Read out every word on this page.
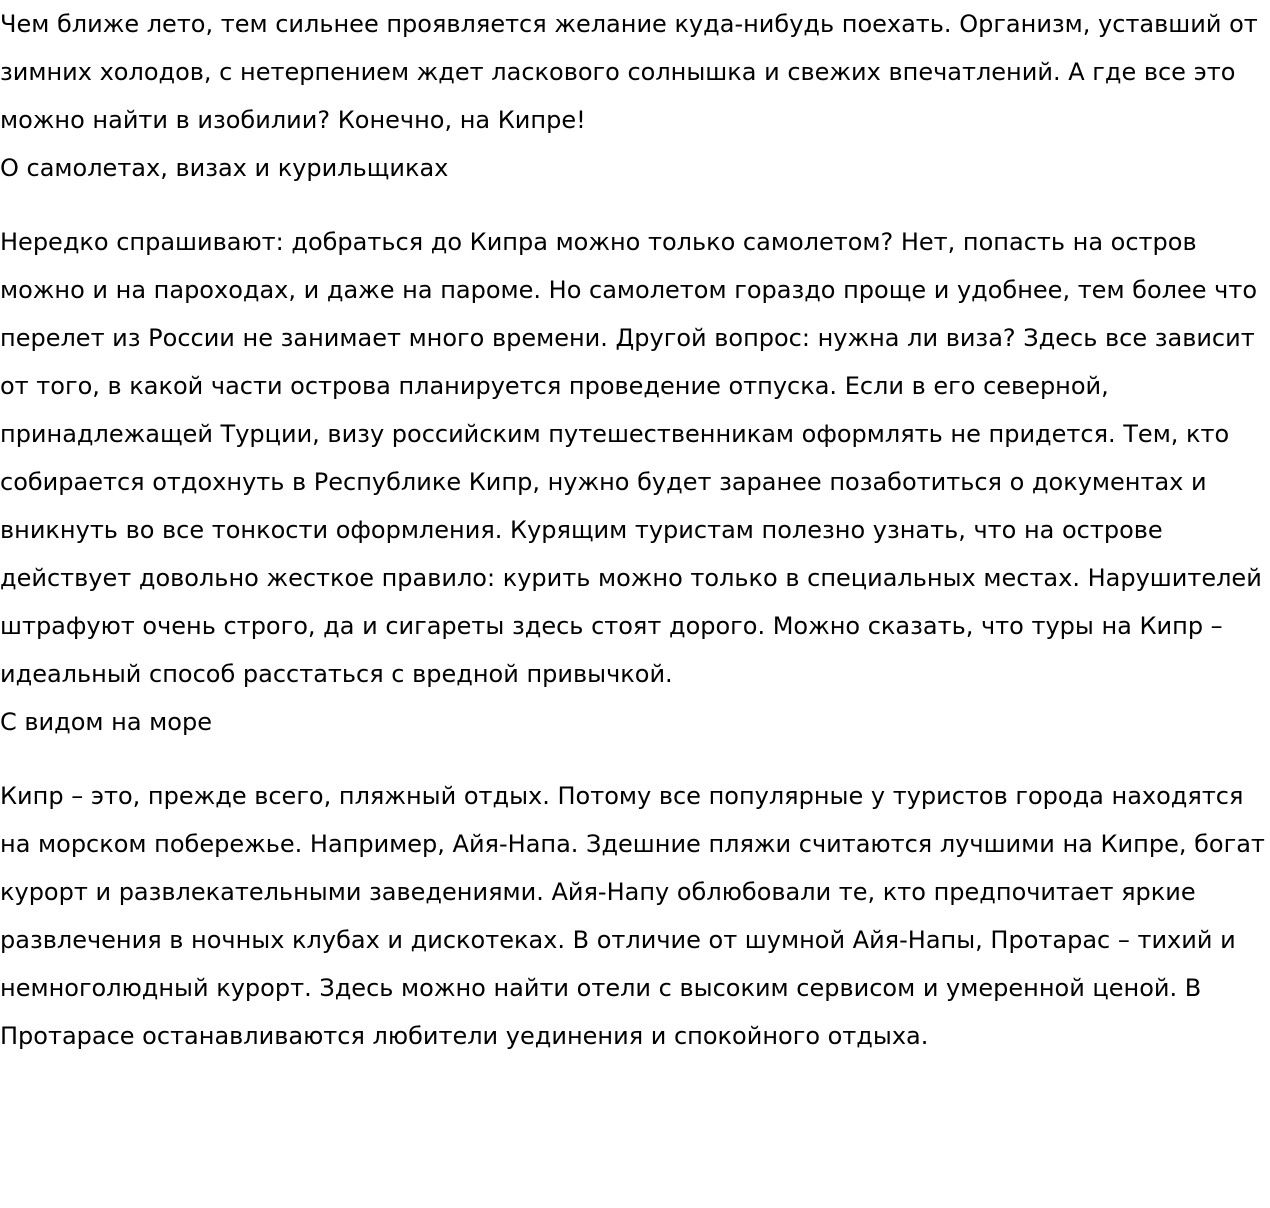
Чем ближе лето, тем сильнее проявляется желание куда-нибудь поехать. Организм, уставший от зимних холодов, с нетерпением ждет ласкового солнышка и свежих впечатлений. А где все это можно найти в изобилии? Конечно, на Кипре!

О самолетах, визах и курильщиках

Нередко спрашивают: добраться до Кипра можно только самолетом? Нет, попасть на остров можно и на пароходах, и даже на пароме. Но самолетом гораздо проще и удобнее, тем более что перелет из России не занимает много времени. Другой вопрос: нужна ли виза? Здесь все зависит от того, в какой части острова планируется проведение отпуска. Если в его северной, принадлежащей Турции, визу российским путешественникам оформлять не придется. Тем, кто собирается отдохнуть в Республике Кипр, нужно будет заранее позаботиться о документах и вникнуть во все тонкости оформления. Курящим туристам полезно узнать, что на острове действует довольно жесткое правило: курить можно только в специальных местах. Нарушителей штрафуют очень строго, да и сигареты здесь стоят дорого. Можно сказать, что туры на Кипр – идеальный способ расстаться с вредной привычкой.

С видом на море

Кипр – это, прежде всего, пляжный отдых. Потому все популярные у туристов города находятся на морском побережье. Например, Айя-Напа. Здешние пляжи считаются лучшими на Кипре, богат курорт и развлекательными заведениями. Айя-Напу облюбовали те, кто предпочитает яркие развлечения в ночных клубах и дискотеках. В отличие от шумной Айя-Напы, Протарас – тихий и немноголюдный курорт. Здесь можно найти отели с высоким сервисом и умеренной ценой. В Протарасе останавливаются любители уединения и спокойного отдыха.
